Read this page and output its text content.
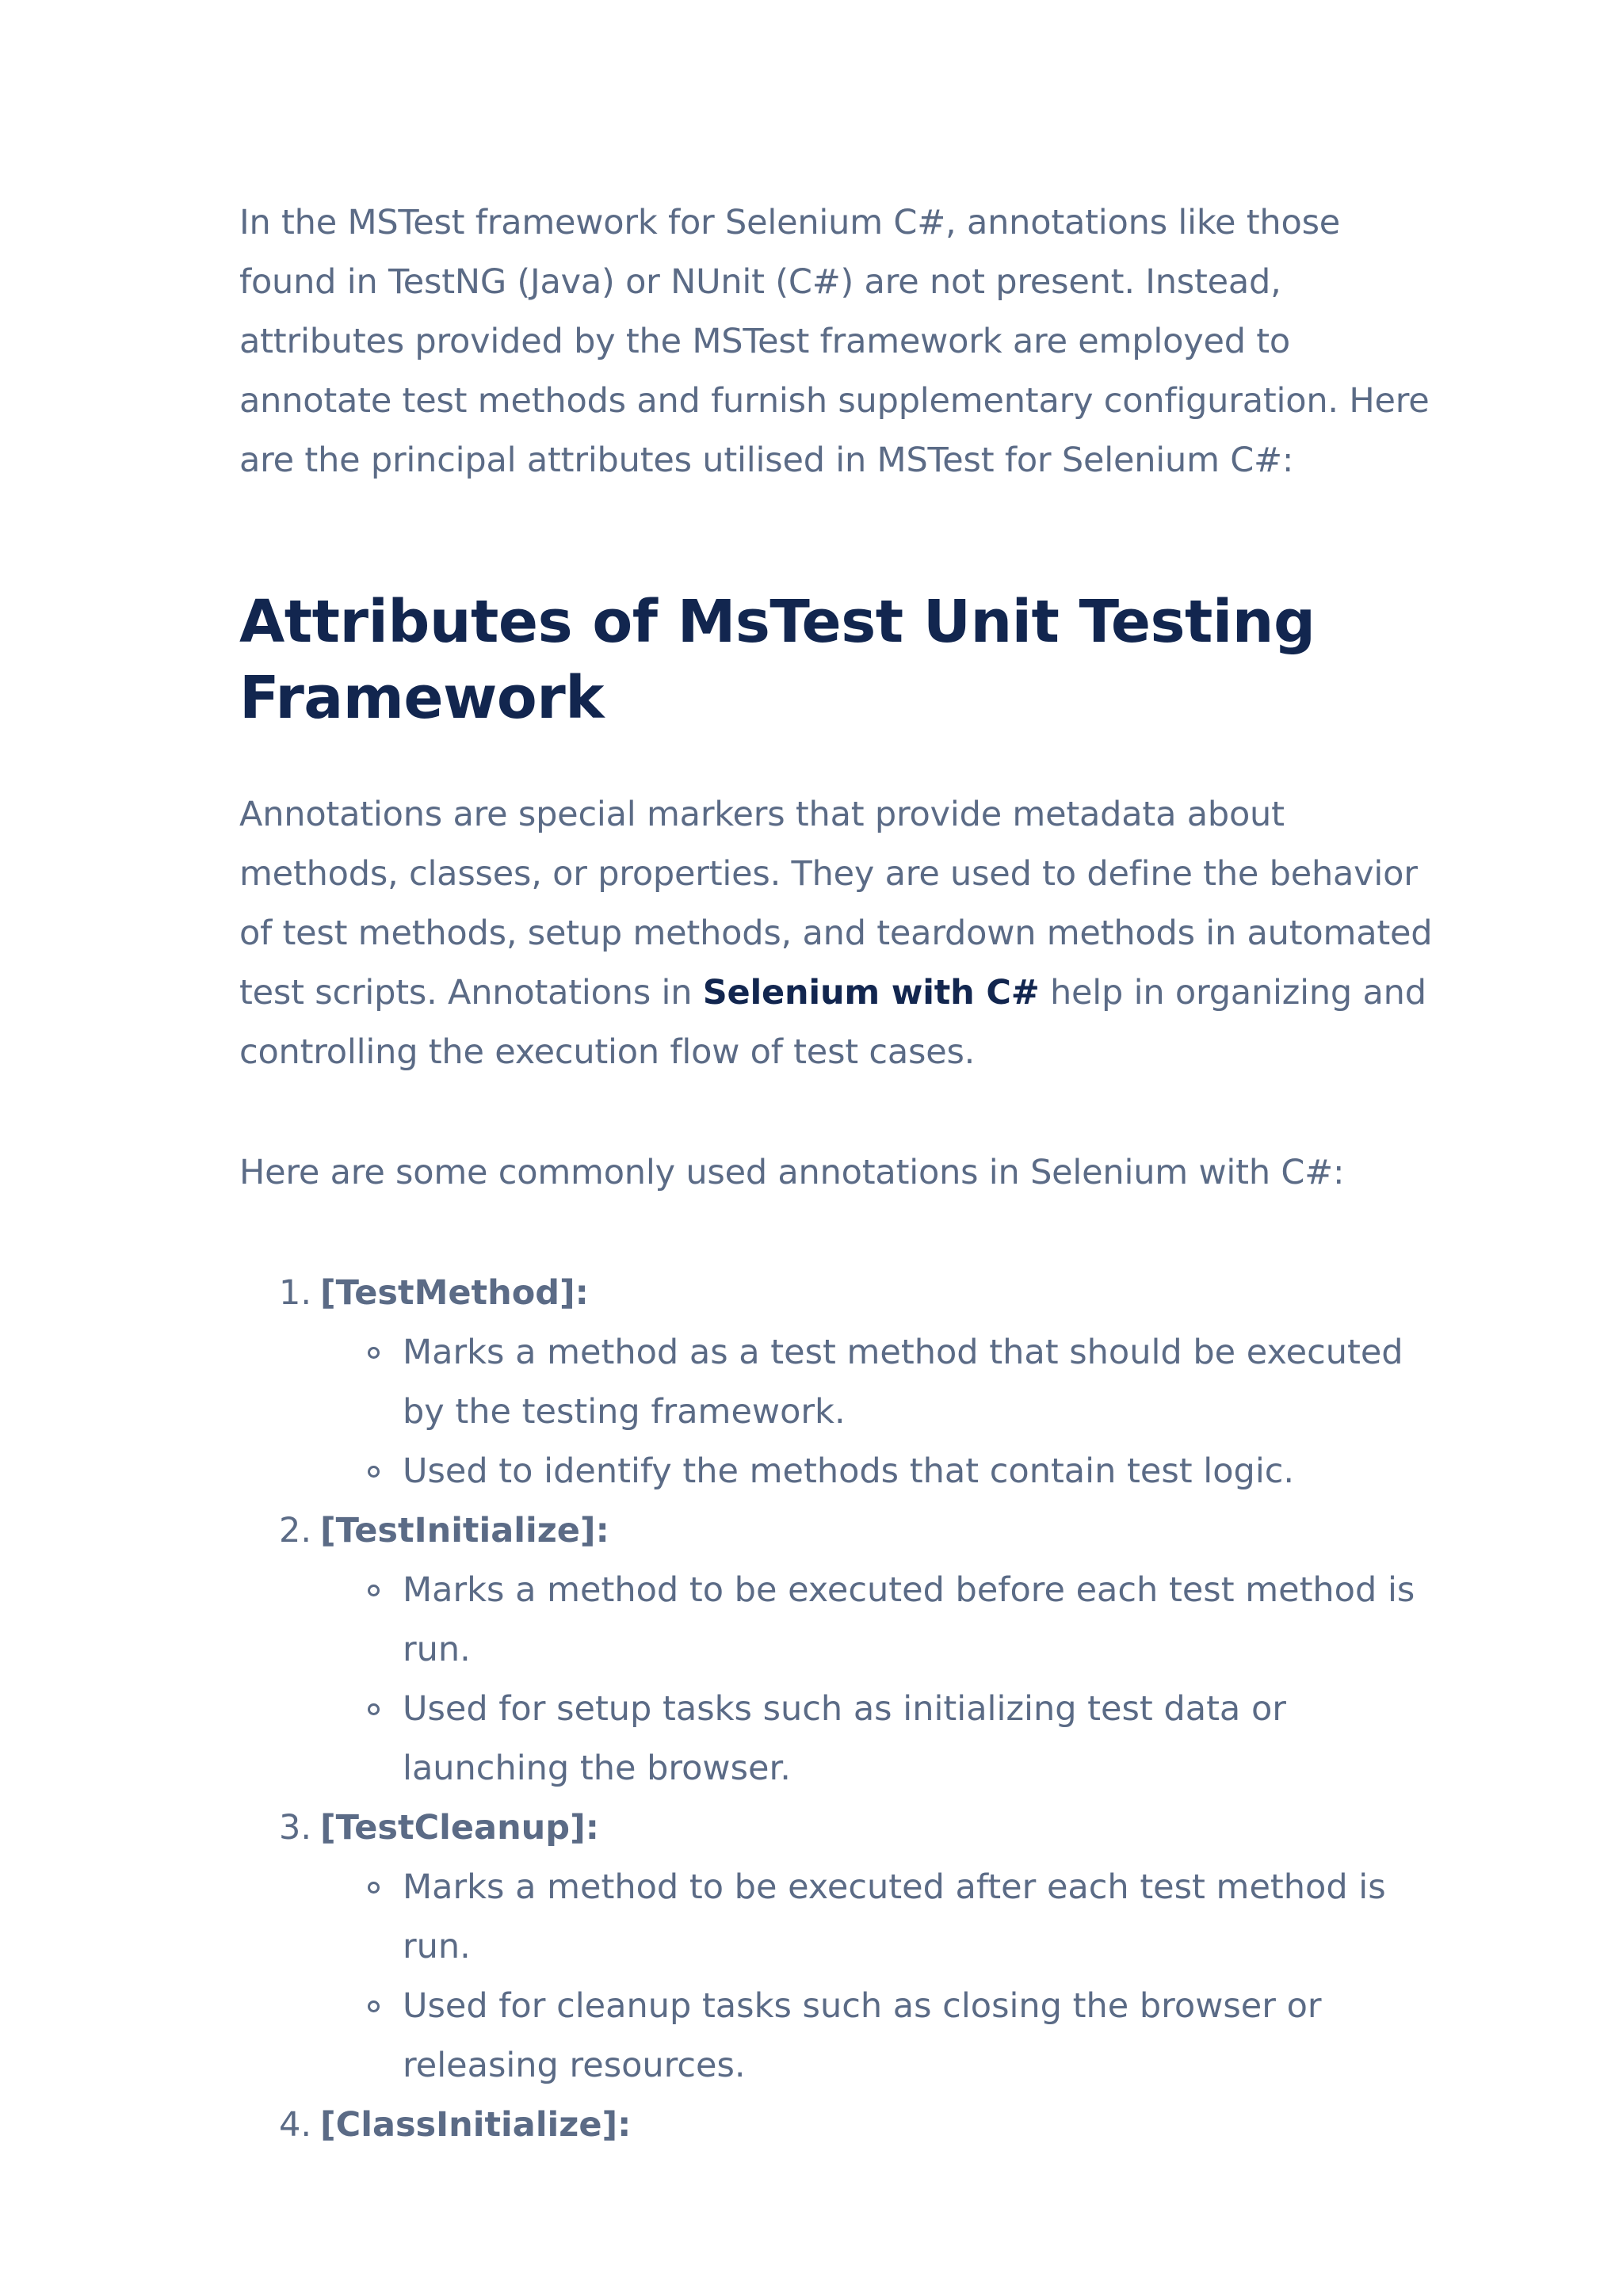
In the MSTest framework for Selenium C#, annotations like those found in TestNG (Java) or NUnit (C#) are not present. Instead, attributes provided by the MSTest framework are employed to annotate test methods and furnish supplementary configuration. Here are the principal attributes utilised in MSTest for Selenium C#:

Attributes of MsTest Unit Testing Framework

Annotations are special markers that provide metadata about methods, classes, or properties. They are used to define the behavior of test methods, setup methods, and teardown methods in automated test scripts. Annotations in Selenium with C# help in organizing and controlling the execution flow of test cases.

Here are some commonly used annotations in Selenium with C#:

1. [TestMethod]:
Marks a method as a test method that should be executed by the testing framework.
Used to identify the methods that contain test logic.
2. [TestInitialize]:
Marks a method to be executed before each test method is run.
Used for setup tasks such as initializing test data or launching the browser.
3. [TestCleanup]:
Marks a method to be executed after each test method is run.
Used for cleanup tasks such as closing the browser or releasing resources.
4. [ClassInitialize]:
